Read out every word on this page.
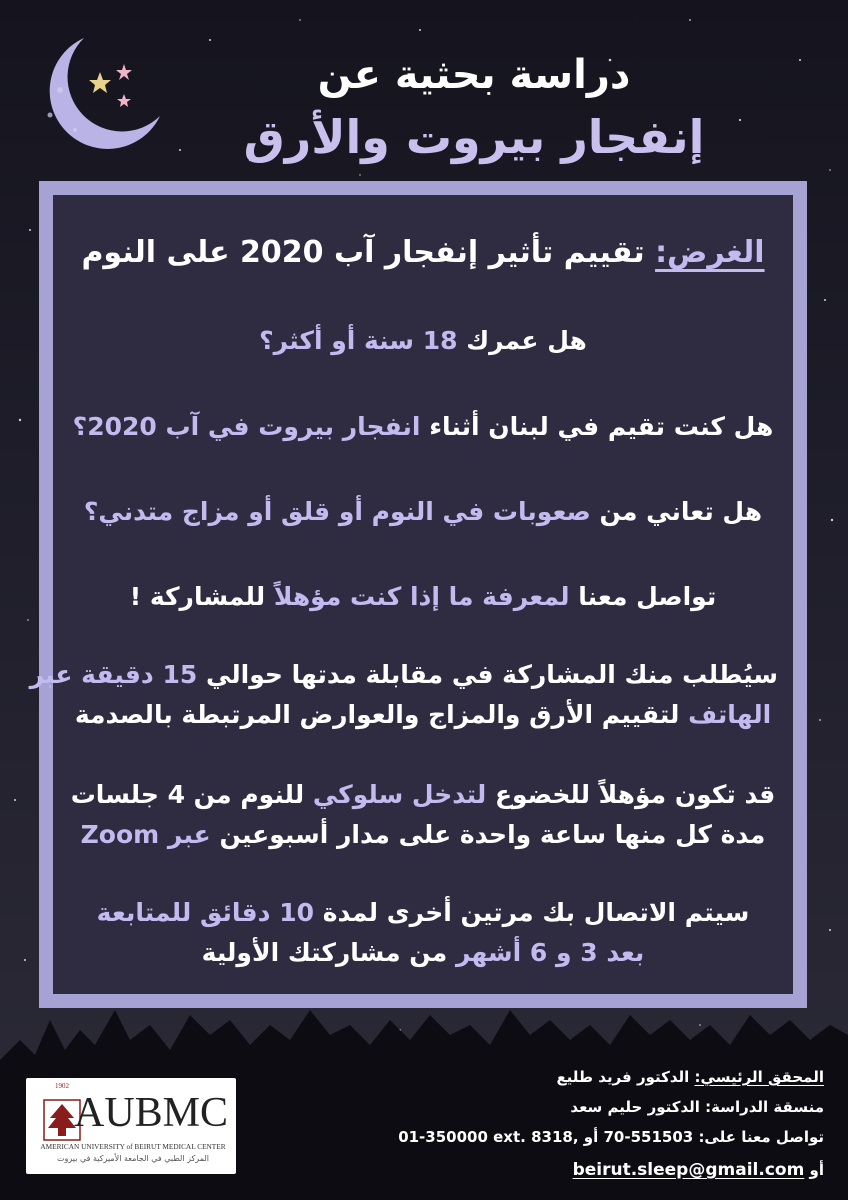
دراسة بحثية عن
إنفجار بيروت والأرق
الغرض: تقييم تأثير إنفجار آب 2020 على النوم
هل عمرك 18 سنة أو أكثر؟
هل كنت تقيم في لبنان أثناء انفجار بيروت في آب 2020؟
هل تعاني من صعوبات في النوم أو قلق أو مزاج متدني؟
تواصل معنا لمعرفة ما إذا كنت مؤهلاً للمشاركة !
سيُطلب منك المشاركة في مقابلة مدتها حوالي 15 دقيقة عبر
الهاتف لتقييم الأرق والمزاج والعوارض المرتبطة بالصدمة
قد تكون مؤهلاً للخضوع لتدخل سلوكي للنوم من 4 جلسات
مدة كل منها ساعة واحدة على مدار أسبوعين عبر Zoom
سيتم الاتصال بك مرتين أخرى لمدة 10 دقائق للمتابعة
بعد 3 و 6 أشهر من مشاركتك الأولية
1902
AUBMC
AMERICAN UNIVERSITY of BEIRUT MEDICAL CENTER
المركز الطبي في الجامعة الأميركية في بيروت
المحقق الرئيسي: الدكتور فريد طليع
منسقة الدراسة: الدكتور حليم سعد
تواصل معنا على: 70-551503 أو 01-350000 ext. 8318,
أو beirut.sleep@gmail.com
